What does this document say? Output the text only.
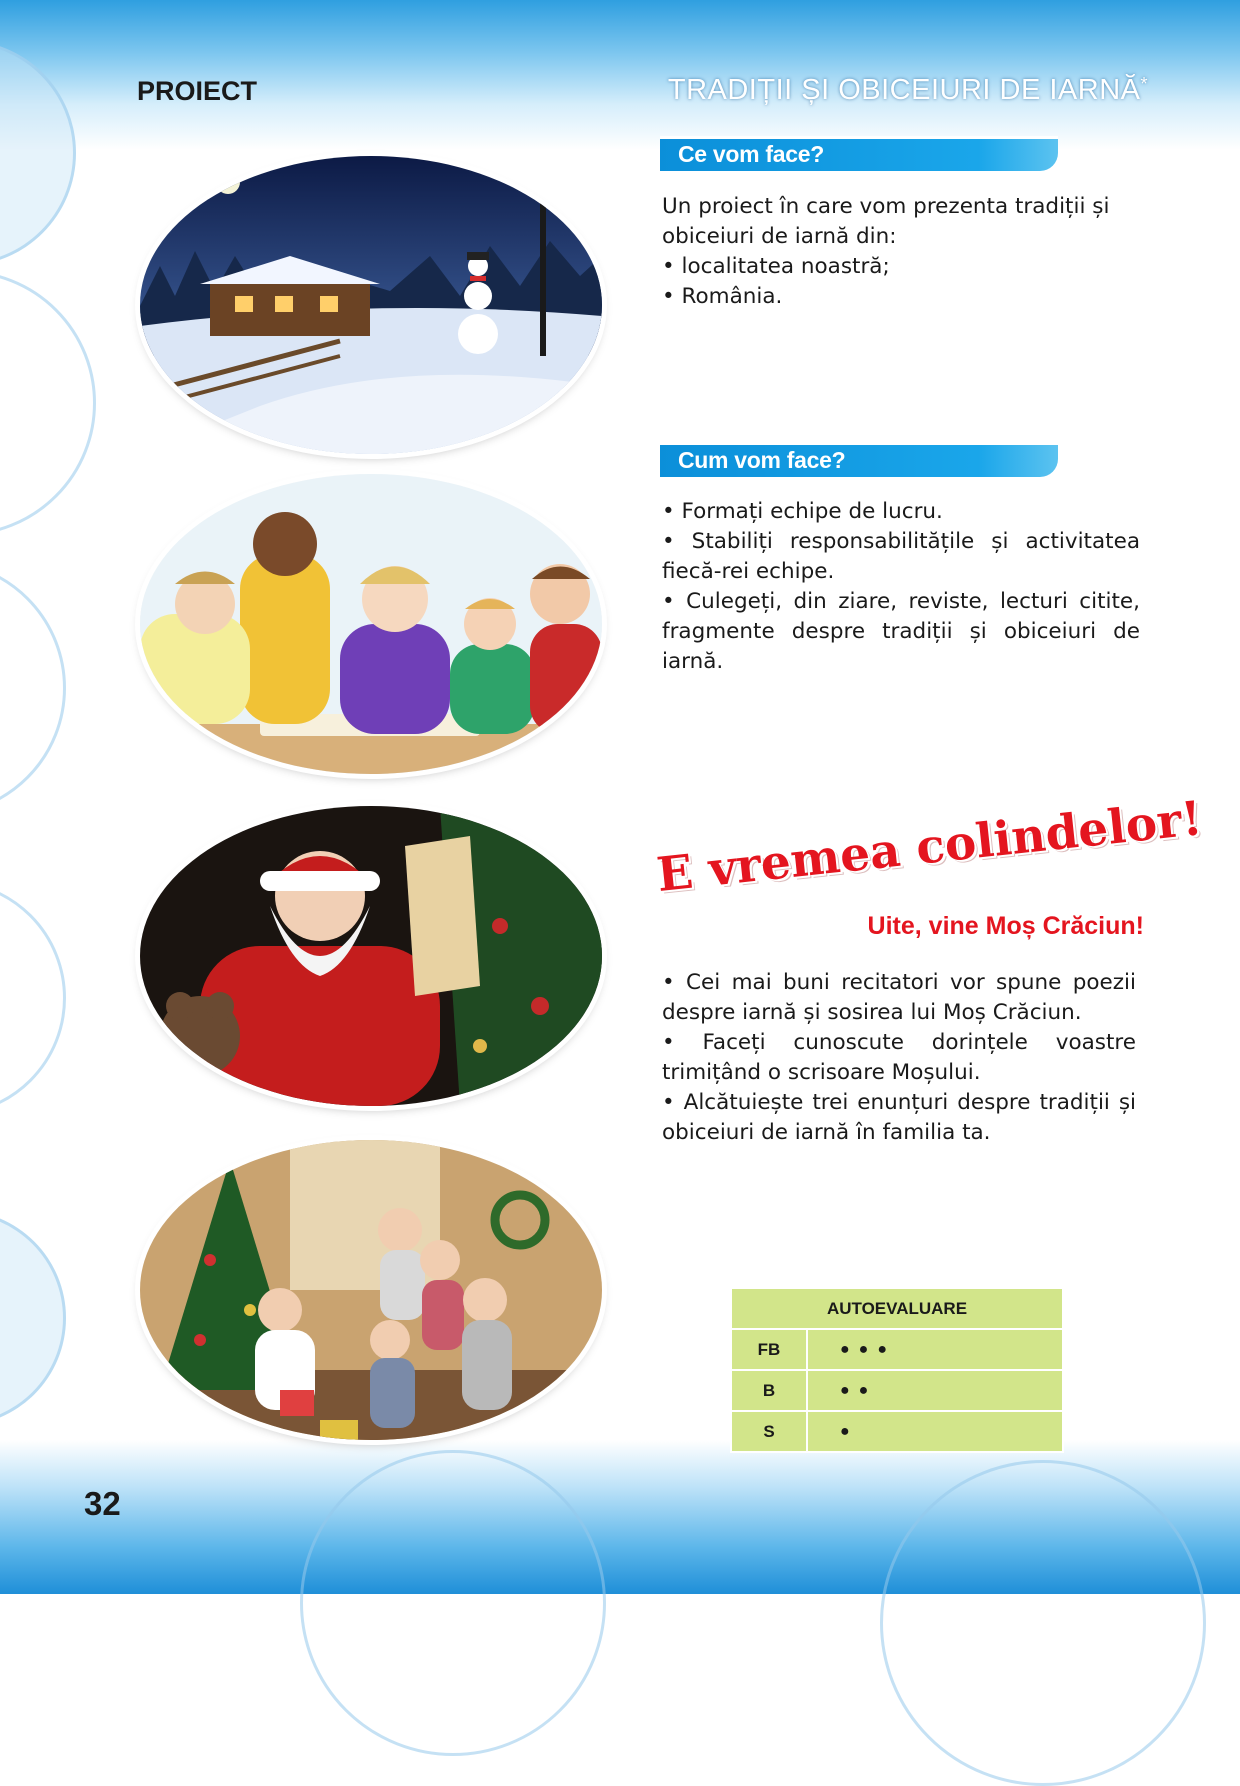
PROIECT	TRADIȚII ȘI OBICEIURI DE IARNĂ*
Ce vom face?

Un proiect în care vom prezenta tradiții și obiceiuri de iarnă din:

• localitatea noastră;

• România.

Cum vom face?

• Formați echipe de lucru.

• Stabiliți responsabilitățile și activitatea fiecă-rei echipe.

• Culegeți, din ziare, reviste, lecturi citite, fragmente despre tradiții și obiceiuri de iarnă.

E vremea colindelor!
Uite, vine Moș Crăciun!

• Cei mai buni recitatori vor spune poezii despre iarnă și sosirea lui Moș Crăciun.

• Faceți cunoscute dorințele voastre trimițând o scrisoare Moșului.

• Alcătuiește trei enunțuri despre tradiții și obiceiuri de iarnă în familia ta.

AUTOEVALUARE	
FB	●●●
B	●●
S	●
32
